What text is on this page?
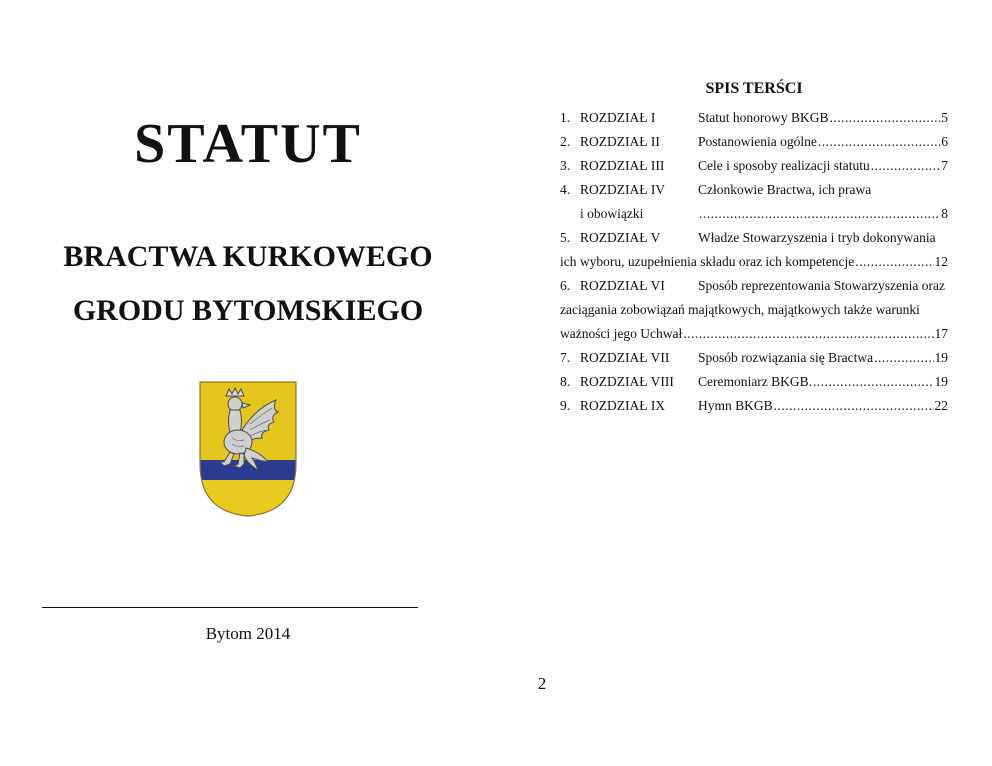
STATUT
BRACTWA KURKOWEGO
GRODU BYTOMSKIEGO
Bytom 2014
2
SPIS TERŚCI
1. ROZDZIAŁ I	Statut honorowy BKGB .....	5
2. ROZDZIAŁ II	Postanowienia ogólne .....	6
3. ROZDZIAŁ III Cele i sposoby realizacji statutu .....	7
4. ROZDZIAŁ IV Członkowie Bractwa, ich prawa
i obowiązki .....	8
5. ROZDZIAŁ V	Władze Stowarzyszenia i tryb dokonywania
ich wyboru, uzupełnienia składu oraz ich kompetencje .....	12
6. ROZDZIAŁ VI Sposób reprezentowania Stowarzyszenia oraz
zaciągania zobowiązań majątkowych, majątkowych także warunki
ważności jego Uchwał .....	17
7. ROZDZIAŁ VII Sposób rozwiązania się Bractwa .....	19
8. ROZDZIAŁ VIII Ceremoniarz BKGB. .....	19
9. ROZDZIAŁ IX Hymn BKGB .....	22
